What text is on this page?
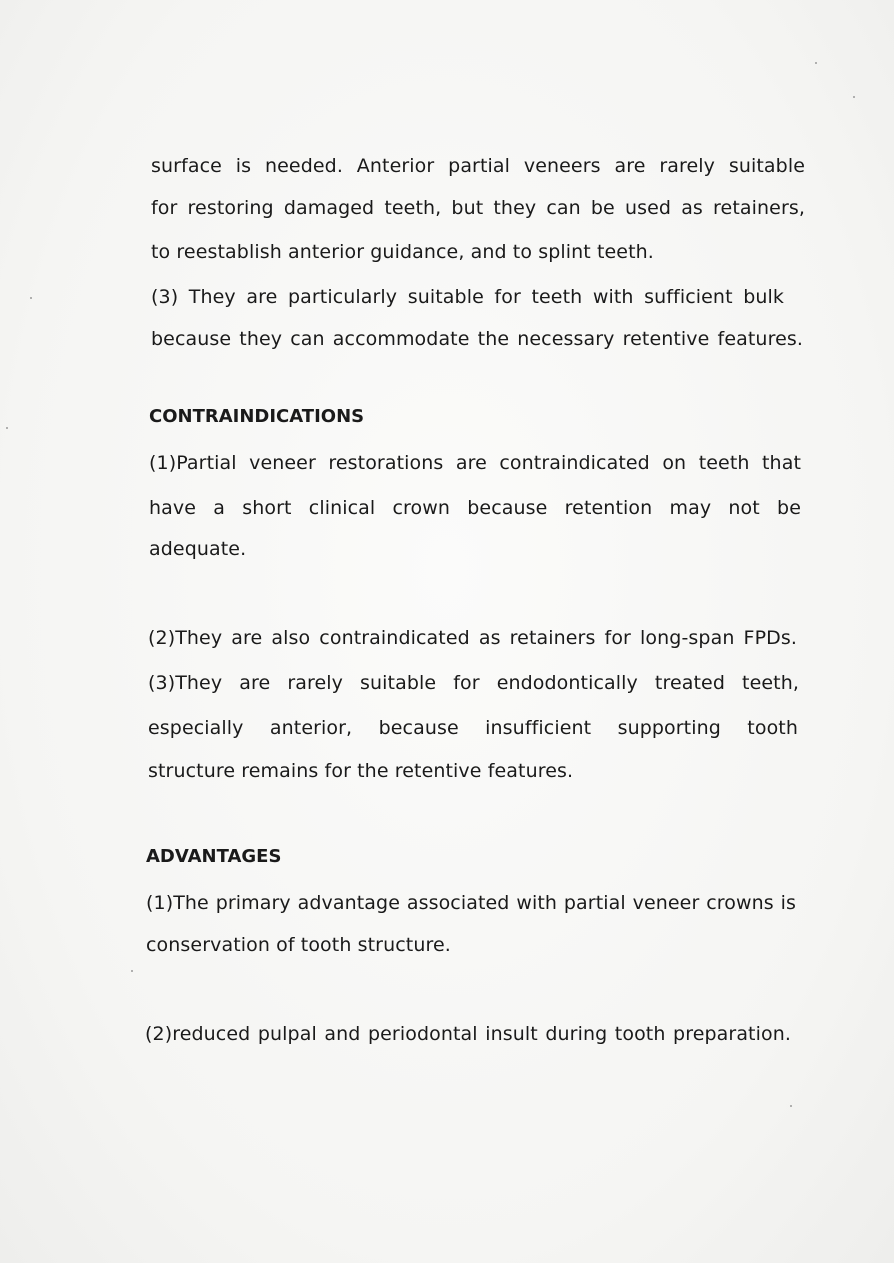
surface is needed. Anterior partial veneers are rarely suitable
for restoring damaged teeth, but they can be used as retainers,
to reestablish anterior guidance, and to splint teeth.
(3) They are particularly suitable for teeth with sufficient bulk
because they can accommodate the necessary retentive features.
CONTRAINDICATIONS
(1)Partial veneer restorations are contraindicated on teeth that
have a short clinical crown because retention may not be
adequate.
(2)They are also contraindicated as retainers for long-span FPDs.
(3)They are rarely suitable for endodontically treated teeth,
especially anterior, because insufficient supporting tooth
structure remains for the retentive features.
ADVANTAGES
(1)The primary advantage associated with partial veneer crowns is
conservation of tooth structure.
(2)reduced pulpal and periodontal insult during tooth preparation.
